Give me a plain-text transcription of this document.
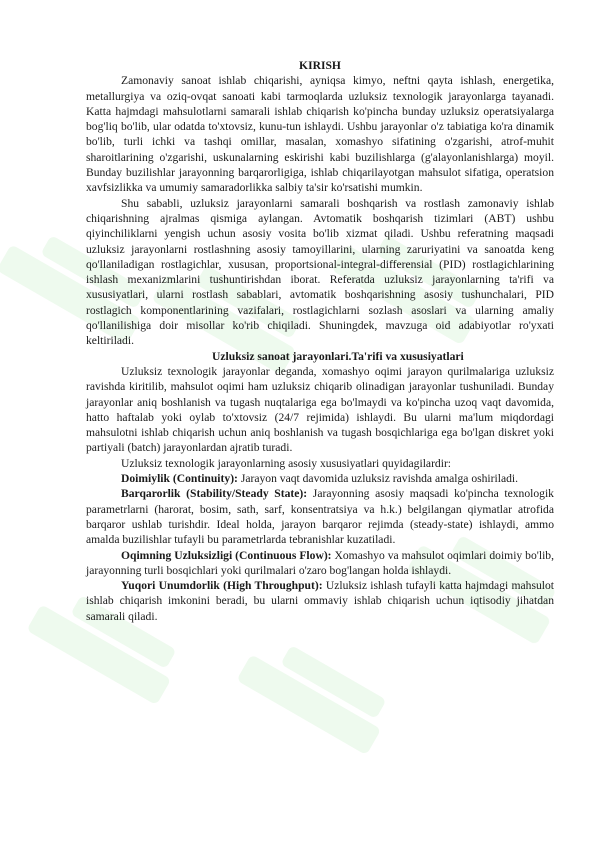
KIRISH

Zamonaviy sanoat ishlab chiqarishi, ayniqsa kimyo, neftni qayta ishlash, energetika, metallurgiya va oziq-ovqat sanoati kabi tarmoqlarda uzluksiz texnologik jarayonlarga tayanadi. Katta hajmdagi mahsulotlarni samarali ishlab chiqarish ko'pincha bunday uzluksiz operatsiyalarga bog'liq bo'lib, ular odatda to'xtovsiz, kunu-tun ishlaydi. Ushbu jarayonlar o'z tabiatiga ko'ra dinamik bo'lib, turli ichki va tashqi omillar, masalan, xomashyo sifatining o'zgarishi, atrof-muhit sharoitlarining o'zgarishi, uskunalarning eskirishi kabi buzilishlarga (g'alayonlanishlarga) moyil. Bunday buzilishlar jarayonning barqarorligiga, ishlab chiqarilayotgan mahsulot sifatiga, operatsion xavfsizlikka va umumiy samaradorlikka salbiy ta'sir ko'rsatishi mumkin.

Shu sababli, uzluksiz jarayonlarni samarali boshqarish va rostlash zamonaviy ishlab chiqarishning ajralmas qismiga aylangan. Avtomatik boshqarish tizimlari (ABT) ushbu qiyinchiliklarni yengish uchun asosiy vosita bo'lib xizmat qiladi. Ushbu referatning maqsadi uzluksiz jarayonlarni rostlashning asosiy tamoyillarini, ularning zaruriyatini va sanoatda keng qo'llaniladigan rostlagichlar, xususan, proportsional-integral-differensial (PID) rostlagichlarining ishlash mexanizmlarini tushuntirishdan iborat. Referatda uzluksiz jarayonlarning ta'rifi va xususiyatlari, ularni rostlash sabablari, avtomatik boshqarishning asosiy tushunchalari, PID rostlagich komponentlarining vazifalari, rostlagichlarni sozlash asoslari va ularning amaliy qo'llanilishiga doir misollar ko'rib chiqiladi. Shuningdek, mavzuga oid adabiyotlar ro'yxati keltiriladi.

Uzluksiz sanoat jarayonlari.Ta'rifi va xususiyatlari

Uzluksiz texnologik jarayonlar deganda, xomashyo oqimi jarayon qurilmalariga uzluksiz ravishda kiritilib, mahsulot oqimi ham uzluksiz chiqarib olinadigan jarayonlar tushuniladi. Bunday jarayonlar aniq boshlanish va tugash nuqtalariga ega bo'lmaydi va ko'pincha uzoq vaqt davomida, hatto haftalab yoki oylab to'xtovsiz (24/7 rejimida) ishlaydi. Bu ularni ma'lum miqdordagi mahsulotni ishlab chiqarish uchun aniq boshlanish va tugash bosqichlariga ega bo'lgan diskret yoki partiyali (batch) jarayonlardan ajratib turadi.

Uzluksiz texnologik jarayonlarning asosiy xususiyatlari quyidagilardir:

Doimiylik (Continuity): Jarayon vaqt davomida uzluksiz ravishda amalga oshiriladi.

Barqarorlik (Stability/Steady State): Jarayonning asosiy maqsadi ko'pincha texnologik parametrlarni (harorat, bosim, sath, sarf, konsentratsiya va h.k.) belgilangan qiymatlar atrofida barqaror ushlab turishdir. Ideal holda, jarayon barqaror rejimda (steady-state) ishlaydi, ammo amalda buzilishlar tufayli bu parametrlarda tebranishlar kuzatiladi.

Oqimning Uzluksizligi (Continuous Flow): Xomashyo va mahsulot oqimlari doimiy bo'lib, jarayonning turli bosqichlari yoki qurilmalari o'zaro bog'langan holda ishlaydi.

Yuqori Unumdorlik (High Throughput): Uzluksiz ishlash tufayli katta hajmdagi mahsulot ishlab chiqarish imkonini beradi, bu ularni ommaviy ishlab chiqarish uchun iqtisodiy jihatdan samarali qiladi.
